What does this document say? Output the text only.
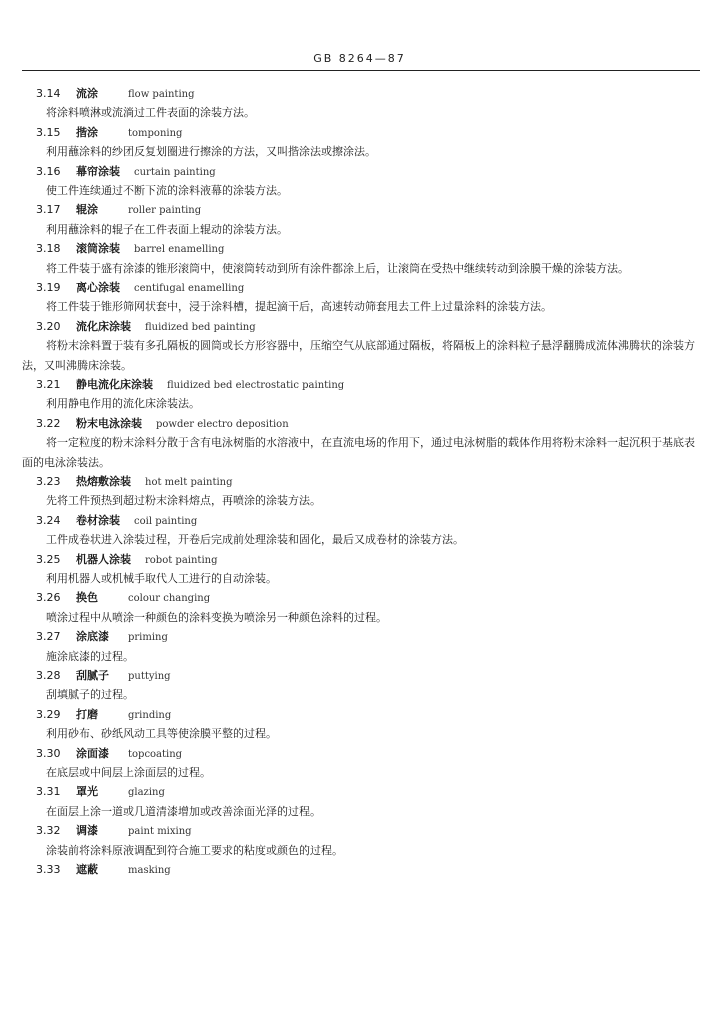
GB 8264—87
3.14 流涂	flow painting
将涂料喷淋或流淌过工件表面的涂装方法。
3.15 揩涂	tomponing
利用蘸涂料的纱团反复划圈进行擦涂的方法，又叫揩涂法或擦涂法。
3.16 幕帘涂装 curtain painting
使工件连续通过不断下流的涂料液幕的涂装方法。
3.17 辊涂	roller painting
利用蘸涂料的辊子在工件表面上辊动的涂装方法。
3.18 滚筒涂装 barrel enamelling
将工件装于盛有涂漆的锥形滚筒中，使滚筒转动到所有涂件都涂上后，让滚筒在受热中继续转动到涂膜干燥的涂装方法。
3.19 离心涂装 centifugal enamelling
将工件装于锥形筛网状套中，浸于涂料槽，提起滴干后，高速转动筛套甩去工件上过量涂料的涂装方法。
3.20 流化床涂装 fluidized bed painting
将粉末涂料置于装有多孔隔板的圆筒或长方形容器中，压缩空气从底部通过隔板，将隔板上的涂料粒子悬浮翻腾成流体沸腾状的涂装方法，又叫沸腾床涂装。
3.21 静电流化床涂装 fluidized bed electrostatic painting
利用静电作用的流化床涂装法。
3.22 粉末电泳涂装 powder electro deposition
将一定粒度的粉末涂料分散于含有电泳树脂的水溶液中，在直流电场的作用下，通过电泳树脂的载体作用将粉末涂料一起沉积于基底表面的电泳涂装法。
3.23 热熔敷涂装 hot melt painting
先将工件预热到超过粉末涂料熔点，再喷涂的涂装方法。
3.24 卷材涂装 coil painting
工件成卷状进入涂装过程，开卷后完成前处理涂装和固化，最后又成卷材的涂装方法。
3.25 机器人涂装 robot painting
利用机器人或机械手取代人工进行的自动涂装。
3.26 换色	colour changing
喷涂过程中从喷涂一种颜色的涂料变换为喷涂另一种颜色涂料的过程。
3.27 涂底漆 priming
施涂底漆的过程。
3.28 刮腻子 puttying
刮填腻子的过程。
3.29 打磨	grinding
利用砂布、砂纸风动工具等使涂膜平整的过程。
3.30 涂面漆 topcoating
在底层或中间层上涂面层的过程。
3.31 罩光	glazing
在面层上涂一道或几道清漆增加或改善涂面光泽的过程。
3.32 调漆	paint mixing
涂装前将涂料原液调配到符合施工要求的粘度或颜色的过程。
3.33 遮蔽	masking
